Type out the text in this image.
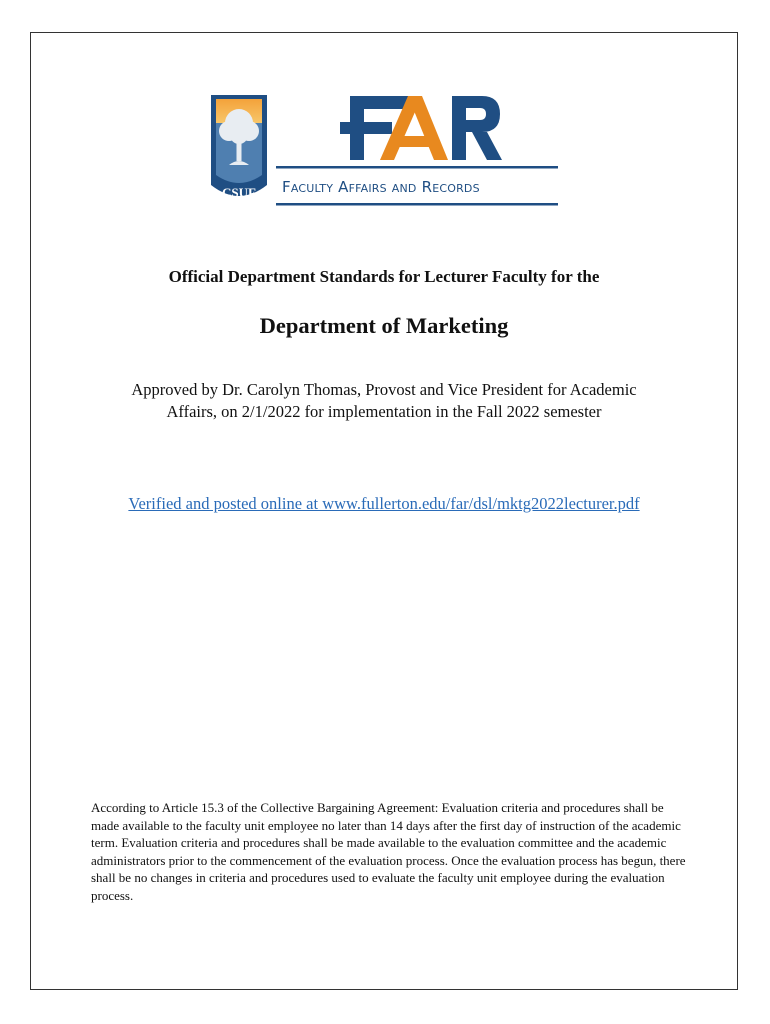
CSUF Faculty Affairs and Records
Official Department Standards for Lecturer Faculty for the
Department of Marketing
Approved by Dr. Carolyn Thomas, Provost and Vice President for Academic
Affairs, on 2/1/2022 for implementation in the Fall 2022 semester
Verified and posted online at www.fullerton.edu/far/dsl/mktg2022lecturer.pdf
According to Article 15.3 of the Collective Bargaining Agreement: Evaluation criteria and procedures shall be made available to the faculty unit employee no later than 14 days after the first day of instruction of the academic term. Evaluation criteria and procedures shall be made available to the evaluation committee and the academic administrators prior to the commencement of the evaluation process. Once the evaluation process has begun, there shall be no changes in criteria and procedures used to evaluate the faculty unit employee during the evaluation process.
